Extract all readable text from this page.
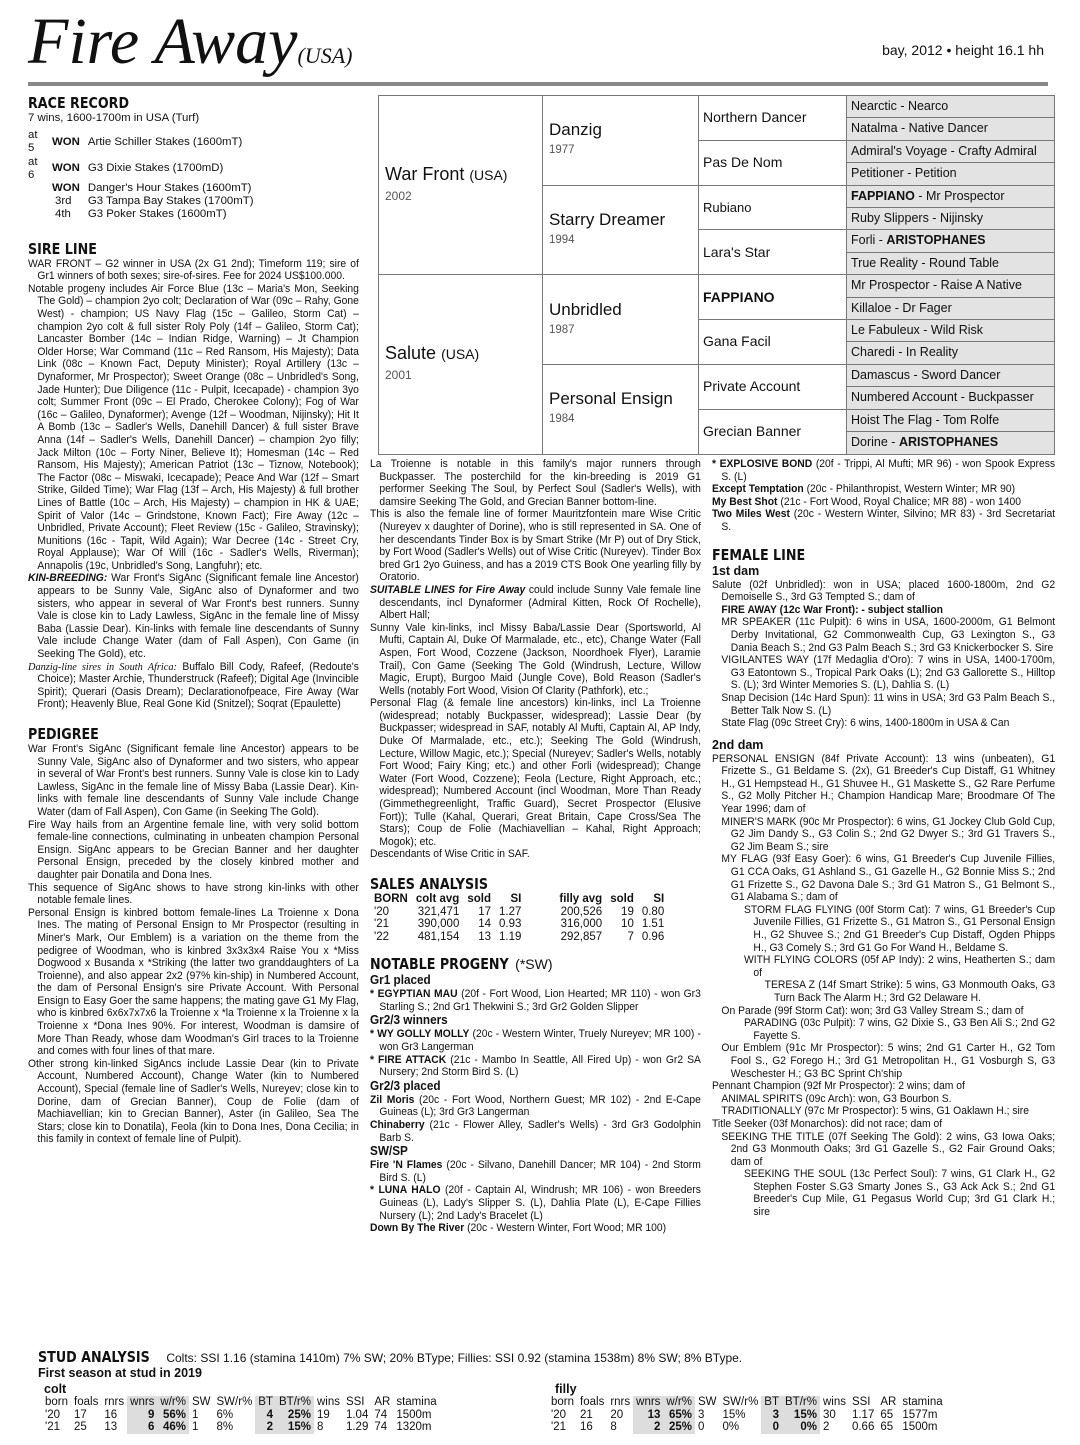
Fire Away(USA)	bay, 2012 • height 16.1 hh
RACE RECORD
7 wins, 1600-1700m in USA (Turf)
at 5	WON	Artie Schiller Stakes (1600mT)
at 6	WON	G3 Dixie Stakes (1700mD)
	WON	Danger's Hour Stakes (1600mT)
	3rd	G3 Tampa Bay Stakes (1700mT)
	4th	G3 Poker Stakes (1600mT)
SIRE LINE
WAR FRONT – G2 winner in USA (2x G1 2nd); Timeform 119; sire of Gr1 winners of both sexes; sire-of-sires. Fee for 2024 US$100.000.
Notable progeny includes Air Force Blue (13c – Maria's Mon, Seeking The Gold) – champion 2yo colt; Declaration of War (09c – Rahy, Gone West) - champion; US Navy Flag (15c – Galileo, Storm Cat) – champion 2yo colt & full sister Roly Poly (14f – Galileo, Storm Cat); Lancaster Bomber (14c – Indian Ridge, Warning) – Jt Champion Older Horse; War Command (11c – Red Ransom, His Majesty); Data Link (08c – Known Fact, Deputy Minister); Royal Artillery (13c – Dynaformer, Mr Prospector); Sweet Orange (08c – Unbridled's Song, Jade Hunter); Due Diligence (11c - Pulpit, Icecapade) - champion 3yo colt; Summer Front (09c – El Prado, Cherokee Colony); Fog of War (16c – Galileo, Dynaformer); Avenge (12f – Woodman, Nijinsky); Hit It A Bomb (13c – Sadler's Wells, Danehill Dancer) & full sister Brave Anna (14f – Sadler's Wells, Danehill Dancer) – champion 2yo filly; Jack Milton (10c – Forty Niner, Believe It); Homesman (14c – Red Ransom, His Majesty); American Patriot (13c – Tiznow, Notebook); The Factor (08c – Miswaki, Icecapade); Peace And War (12f – Smart Strike, Gilded Time); War Flag (13f – Arch, His Majesty) & full brother Lines of Battle (10c – Arch, His Majesty) – champion in HK & UAE; Spirit of Valor (14c – Grindstone, Known Fact); Fire Away (12c – Unbridled, Private Account); Fleet Review (15c - Galileo, Stravinsky); Munitions (16c - Tapit, Wild Again); War Decree (14c - Street Cry, Royal Applause); War Of Will (16c - Sadler's Wells, Riverman); Annapolis (19c, Unbridled's Song, Langfuhr); etc.
KIN-BREEDING: War Front's SigAnc (Significant female line Ancestor) appears to be Sunny Vale, SigAnc also of Dynaformer and two sisters, who appear in several of War Front's best runners. Sunny Vale is close kin to Lady Lawless, SigAnc in the female line of Missy Baba (Lassie Dear). Kin-links with female line descendants of Sunny Vale include Change Water (dam of Fall Aspen), Con Game (in Seeking The Gold), etc.
Danzig-line sires in South Africa: Buffalo Bill Cody, Rafeef, (Redoute's Choice); Master Archie, Thunderstruck (Rafeef); Digital Age (Invincible Spirit); Querari (Oasis Dream); Declarationofpeace, Fire Away (War Front); Heavenly Blue, Real Gone Kid (Snitzel); Soqrat (Epaulette)
PEDIGREE
War Front's SigAnc (Significant female line Ancestor) appears to be Sunny Vale, SigAnc also of Dynaformer and two sisters, who appear in several of War Front's best runners. Sunny Vale is close kin to Lady Lawless, SigAnc in the female line of Missy Baba (Lassie Dear). Kin-links with female line descendants of Sunny Vale include Change Water (dam of Fall Aspen), Con Game (in Seeking The Gold).
Fire Way hails from an Argentine female line, with very solid bottom female-line connections, culminating in unbeaten champion Personal Ensign. SigAnc appears to be Grecian Banner and her daughter Personal Ensign, preceded by the closely kinbred mother and daughter pair Donatila and Dona Ines.
This sequence of SigAnc shows to have strong kin-links with other notable female lines.
Personal Ensign is kinbred bottom female-lines La Troienne x Dona Ines. The mating of Personal Ensign to Mr Prospector (resulting in Miner's Mark, Our Emblem) is a variation on the theme from the pedigree of Woodman, who is kinbred 3x3x3x4 Raise You x *Miss Dogwood x Busanda x *Striking (the latter two granddaughters of La Troienne), and also appear 2x2 (97% kin-ship) in Numbered Account, the dam of Personal Ensign's sire Private Account. With Personal Ensign to Easy Goer the same happens; the mating gave G1 My Flag, who is kinbred 6x6x7x7x6 la Troienne x *la Troienne x la Troienne x la Troienne x *Dona Ines 90%. For interest, Woodman is damsire of More Than Ready, whose dam Woodman's Girl traces to la Troienne and comes with four lines of that mare.
Other strong kin-linked SigAncs include Lassie Dear (kin to Private Account, Numbered Account), Change Water (kin to Numbered Account), Special (female line of Sadler's Wells, Nureyev; close kin to Dorine, dam of Grecian Banner), Coup de Folie (dam of Machiavellian; kin to Grecian Banner), Aster (in Galileo, Sea The Stars; close kin to Donatila), Feola (kin to Dona Ines, Dona Cecilia; in this family in context of female line of Pulpit).
War Front (USA)
2002	Danzig
1977	Northern Dancer	Nearctic - Nearco
			Natalma - Native Dancer
		Pas De Nom	Admiral's Voyage - Crafty Admiral
			Petitioner - Petition
	Starry Dreamer
1994	Rubiano	FAPPIANO - Mr Prospector
			Ruby Slippers - Nijinsky
		Lara's Star	Forli - ARISTOPHANES
			True Reality - Round Table
Salute (USA)
2001	Unbridled
1987	FAPPIANO	Mr Prospector - Raise A Native
			Killaloe - Dr Fager
		Gana Facil	Le Fabuleux - Wild Risk
			Charedi - In Reality
	Personal Ensign
1984	Private Account	Damascus - Sword Dancer
			Numbered Account - Buckpasser
		Grecian Banner	Hoist The Flag - Tom Rolfe
			Dorine - ARISTOPHANES
La Troienne is notable in this family's major runners through Buckpasser. The posterchild for the kin-breeding is 2019 G1 performer Seeking The Soul, by Perfect Soul (Sadler's Wells), with damsire Seeking The Gold, and Grecian Banner bottom-line.
This is also the female line of former Mauritzfontein mare Wise Critic (Nureyev x daughter of Dorine), who is still represented in SA. One of her descendants Tinder Box is by Smart Strike (Mr P) out of Dry Stick, by Fort Wood (Sadler's Wells) out of Wise Critic (Nureyev). Tinder Box bred Gr1 2yo Guiness, and has a 2019 CTS Book One yearling filly by Oratorio.
SUITABLE LINES for Fire Away could include Sunny Vale female line descendants, incl Dynaformer (Admiral Kitten, Rock Of Rochelle), Albert Hall;
Sunny Vale kin-links, incl Missy Baba/Lassie Dear (Sportsworld, Al Mufti, Captain Al, Duke Of Marmalade, etc., etc), Change Water (Fall Aspen, Fort Wood, Cozzene (Jackson, Noordhoek Flyer), Laramie Trail), Con Game (Seeking The Gold (Windrush, Lecture, Willow Magic, Erupt), Burgoo Maid (Jungle Cove), Bold Reason (Sadler's Wells (notably Fort Wood, Vision Of Clarity (Pathfork), etc.;
Personal Flag (& female line ancestors) kin-links, incl La Troienne (widespread; notably Buckpasser, widespread); Lassie Dear (by Buckpasser; widespread in SAF, notably Al Mufti, Captain Al, AP Indy, Duke Of Marmalade, etc., etc.); Seeking The Gold (Windrush, Lecture, Willow Magic, etc.); Special (Nureyev; Sadler's Wells, notably Fort Wood; Fairy King; etc.) and other Forli (widespread); Change Water (Fort Wood, Cozzene); Feola (Lecture, Right Approach, etc.; widespread); Numbered Account (incl Woodman, More Than Ready (Gimmethegreenlight, Traffic Guard), Secret Prospector (Elusive Fort)); Tulle (Kahal, Querari, Great Britain, Cape Cross/Sea The Stars); Coup de Folie (Machiavellian – Kahal, Right Approach; Mogok); etc.
Descendants of Wise Critic in SAF.
SALES ANALYSIS
BORN	colt avg	sold	SI	filly avg	sold	SI
'20	321,471	17	1.27	200,526	19	0.80
'21	390,000	14	0.93	316,000	10	1.51
'22	481,154	13	1.19	292,857	7	0.96
NOTABLE PROGENY (*SW)
Gr1 placed
* EGYPTIAN MAU (20f - Fort Wood, Lion Hearted; MR 110) - won Gr3 Starling S.; 2nd Gr1 Thekwini S.; 3rd Gr2 Golden Slipper
Gr2/3 winners
* WY GOLLY MOLLY (20c - Western Winter, Truely Nureyev; MR 100) - won Gr3 Langerman
* FIRE ATTACK (21c - Mambo In Seattle, All Fired Up) - won Gr2 SA Nursery; 2nd Storm Bird S. (L)
Gr2/3 placed
Zil Moris (20c - Fort Wood, Northern Guest; MR 102) - 2nd E-Cape Guineas (L); 3rd Gr3 Langerman
Chinaberry (21c - Flower Alley, Sadler's Wells) - 3rd Gr3 Godolphin Barb S.
SW/SP
Fire 'N Flames (20c - Silvano, Danehill Dancer; MR 104) - 2nd Storm Bird S. (L)
* LUNA HALO (20f - Captain Al, Windrush; MR 106) - won Breeders Guineas (L), Lady's Slipper S. (L), Dahlia Plate (L), E-Cape Fillies Nursery (L); 2nd Lady's Bracelet (L)
Down By The River (20c - Western Winter, Fort Wood; MR 100)
* EXPLOSIVE BOND (20f - Trippi, Al Mufti; MR 96) - won Spook Express S. (L)
Except Temptation (20c - Philanthropist, Western Winter; MR 90)
My Best Shot (21c - Fort Wood, Royal Chalice; MR 88) - won 1400
Two Miles West (20c - Western Winter, Silvino; MR 83) - 3rd Secretariat S.
FEMALE LINE
1st dam
Salute (02f Unbridled): won in USA; placed 1600-1800m, 2nd G2 Demoiselle S., 3rd G3 Tempted S.; dam of
FIRE AWAY (12c War Front): - subject stallion
MR SPEAKER (11c Pulpit): 6 wins in USA, 1600-2000m, G1 Belmont Derby Invitational, G2 Commonwealth Cup, G3 Lexington S., G3 Dania Beach S.; 2nd G3 Palm Beach S.; 3rd G3 Knickerbocker S. Sire
VIGILANTES WAY (17f Medaglia d'Oro): 7 wins in USA, 1400-1700m, G3 Eatontown S., Tropical Park Oaks (L); 2nd G3 Gallorette S., Hilltop S. (L); 3rd Winter Memories S. (L), Dahlia S. (L)
Snap Decision (14c Hard Spun): 11 wins in USA; 3rd G3 Palm Beach S., Better Talk Now S. (L)
State Flag (09c Street Cry): 6 wins, 1400-1800m in USA & Can
2nd dam
PERSONAL ENSIGN (84f Private Account): 13 wins (unbeaten), G1 Frizette S., G1 Beldame S. (2x), G1 Breeder's Cup Distaff, G1 Whitney H., G1 Hempstead H., G1 Shuvee H., G1 Maskette S., G2 Rare Perfume S., G2 Molly Pitcher H.; Champion Handicap Mare; Broodmare Of The Year 1996; dam of
MINER'S MARK (90c Mr Prospector): 6 wins, G1 Jockey Club Gold Cup, G2 Jim Dandy S., G3 Colin S.; 2nd G2 Dwyer S.; 3rd G1 Travers S., G2 Jim Beam S.; sire
MY FLAG (93f Easy Goer): 6 wins, G1 Breeder's Cup Juvenile Fillies, G1 CCA Oaks, G1 Ashland S., G1 Gazelle H., G2 Bonnie Miss S.; 2nd G1 Frizette S., G2 Davona Dale S.; 3rd G1 Matron S., G1 Belmont S., G1 Alabama S.; dam of
STORM FLAG FLYING (00f Storm Cat): 7 wins, G1 Breeder's Cup Juvenile Fillies, G1 Frizette S., G1 Matron S., G1 Personal Ensign H., G2 Shuvee S.; 2nd G1 Breeder's Cup Distaff, Ogden Phipps H., G3 Comely S.; 3rd G1 Go For Wand H., Beldame S.
WITH FLYING COLORS (05f AP Indy): 2 wins, Heatherten S.; dam of
TERESA Z (14f Smart Strike): 5 wins, G3 Monmouth Oaks, G3 Turn Back The Alarm H.; 3rd G2 Delaware H.
On Parade (99f Storm Cat): won; 3rd G3 Valley Stream S.; dam of
PARADING (03c Pulpit): 7 wins, G2 Dixie S., G3 Ben Ali S.; 2nd G2 Fayette S.
Our Emblem (91c Mr Prospector): 5 wins; 2nd G1 Carter H., G2 Tom Fool S., G2 Forego H.; 3rd G1 Metropolitan H., G1 Vosburgh S, G3 Weschester H.; G3 BC Sprint Ch'ship
Pennant Champion (92f Mr Prospector): 2 wins; dam of
ANIMAL SPIRITS (09c Arch): won, G3 Bourbon S.
TRADITIONALLY (97c Mr Prospector): 5 wins, G1 Oaklawn H.; sire
Title Seeker (03f Monarchos): did not race; dam of
SEEKING THE TITLE (07f Seeking The Gold): 2 wins, G3 Iowa Oaks; 2nd G3 Monmouth Oaks; 3rd G1 Gazelle S., G2 Fair Ground Oaks; dam of
SEEKING THE SOUL (13c Perfect Soul): 7 wins, G1 Clark H., G2 Stephen Foster S.G3 Smarty Jones S., G3 Ack Ack S.; 2nd G1 Breeder's Cup Mile, G1 Pegasus World Cup; 3rd G1 Clark H.; sire
STUD ANALYSIS Colts: SSI 1.16 (stamina 1410m) 7% SW; 20% BType; Fillies: SSI 0.92 (stamina 1538m) 8% SW; 8% BType.
First season at stud in 2019
colt	filly
born	foals	rnrs	wnrs	w/r%	SW	SW/r%	BT	BT/r%	wins	SSI	AR	stamina
'20	17	16	9	56%	1	6%	4	25%	19	1.04	74	1500m
'21	25	13	6	46%	1	8%	2	15%	8	1.29	74	1320m
born	foals	rnrs	wnrs	w/r%	SW	SW/r%	BT	BT/r%	wins	SSI	AR	stamina
'20	21	20	13	65%	3	15%	3	15%	30	1.17	65	1577m
'21	16	8	2	25%	0	0%	0	0%	2	0.66	65	1500m
